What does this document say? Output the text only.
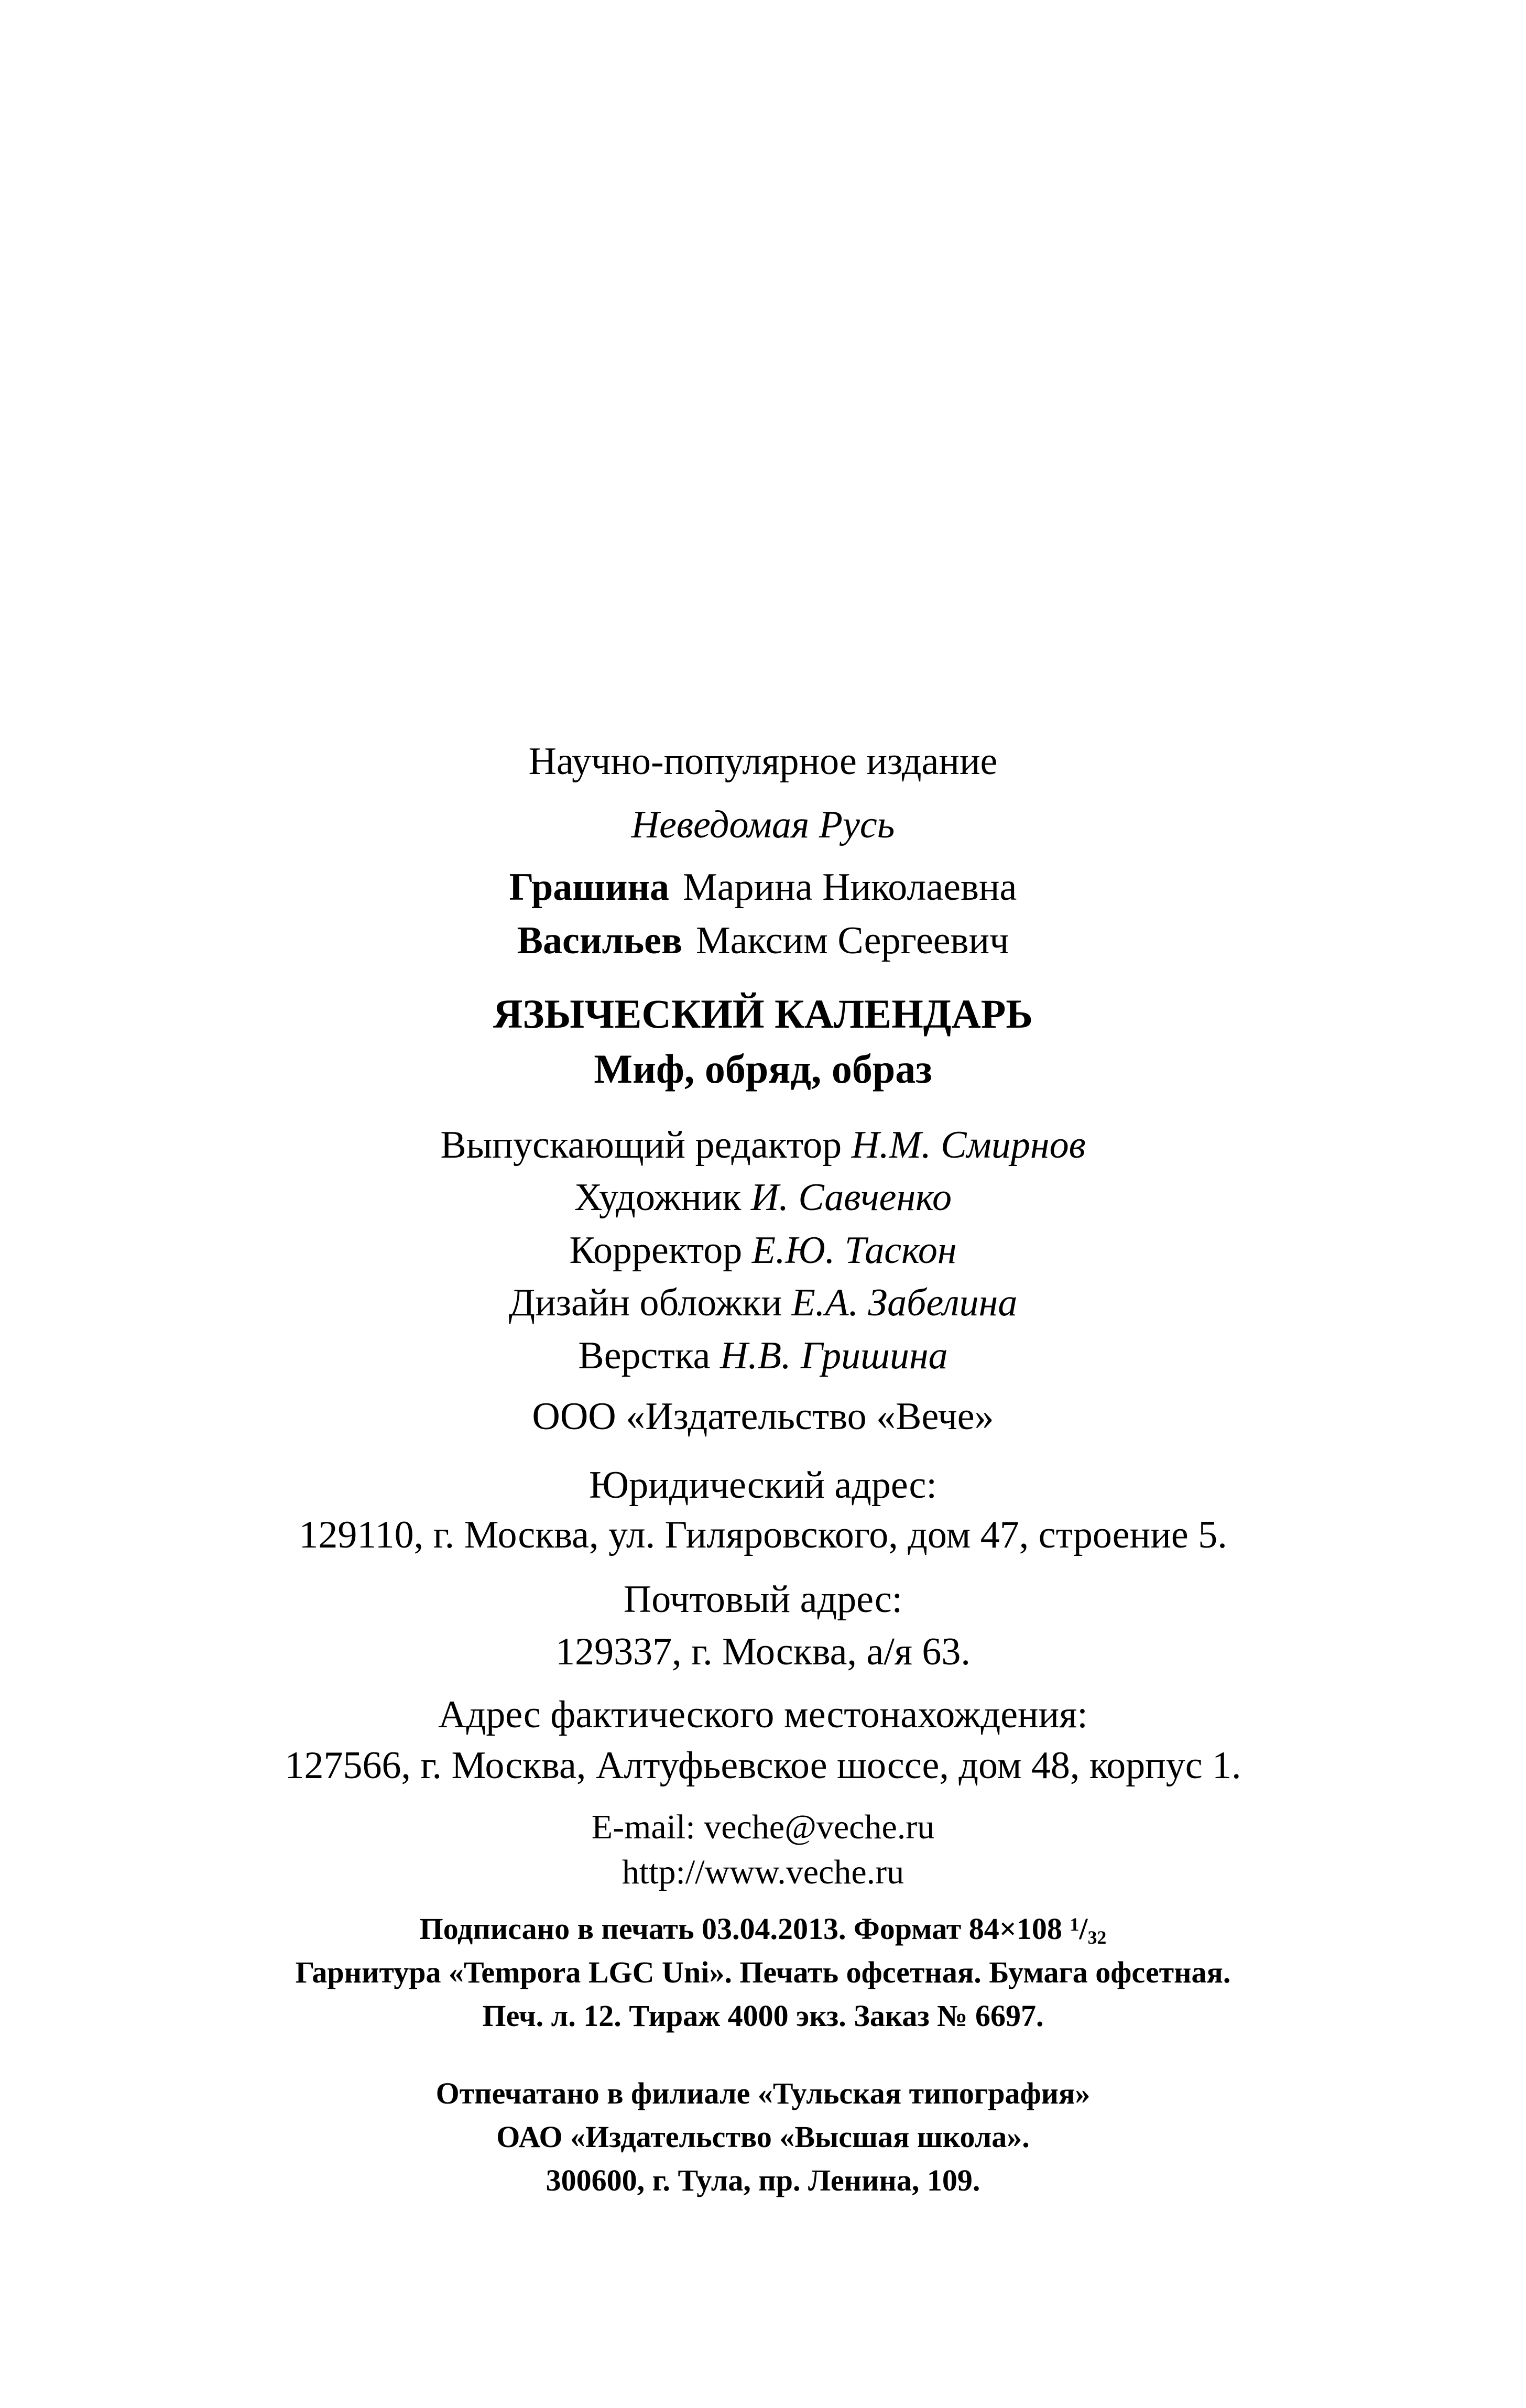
Научно-популярное издание
Неведомая Русь
Грашина Марина Николаевна
Васильев Максим Сергеевич
ЯЗЫЧЕСКИЙ КАЛЕНДАРЬ
Миф, обряд, образ
Выпускающий редактор Н.М. Смирнов
Художник И. Савченко
Корректор Е.Ю. Таскон
Дизайн обложки Е.А. Забелина
Верстка Н.В. Гришина
ООО «Издательство «Вече»
Юридический адрес:
129110, г. Москва, ул. Гиляровского, дом 47, строение 5.
Почтовый адрес:
129337, г. Москва, а/я 63.
Адрес фактического местонахождения:
127566, г. Москва, Алтуфьевское шоссе, дом 48, корпус 1.
E-mail: veche@veche.ru
http://www.veche.ru
Подписано в печать 03.04.2013. Формат 84×108 $^1/_{32}$
Гарнитура «Tempora LGC Uni». Печать офсетная. Бумага офсетная.
Печ. л. 12. Тираж 4000 экз. Заказ № 6697.
Отпечатано в филиале «Тульская типография»
ОАО «Издательство «Высшая школа».
300600, г. Тула, пр. Ленина, 109.
